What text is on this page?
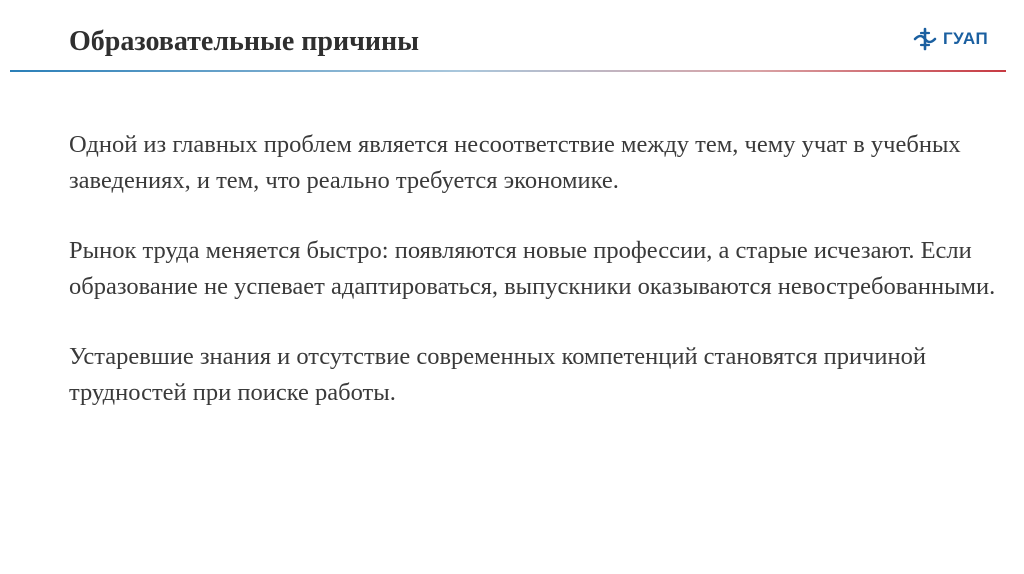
Образовательные причины	ГУАП

Одной из главных проблем является несоответствие между тем, чему учат в учебных заведениях, и тем, что реально требуется экономике.

Рынок труда меняется быстро: появляются новые профессии, а старые исчезают. Если образование не успевает адаптироваться, выпускники оказываются невостребованными.

Устаревшие знания и отсутствие современных компетенций становятся причиной трудностей при поиске работы.
